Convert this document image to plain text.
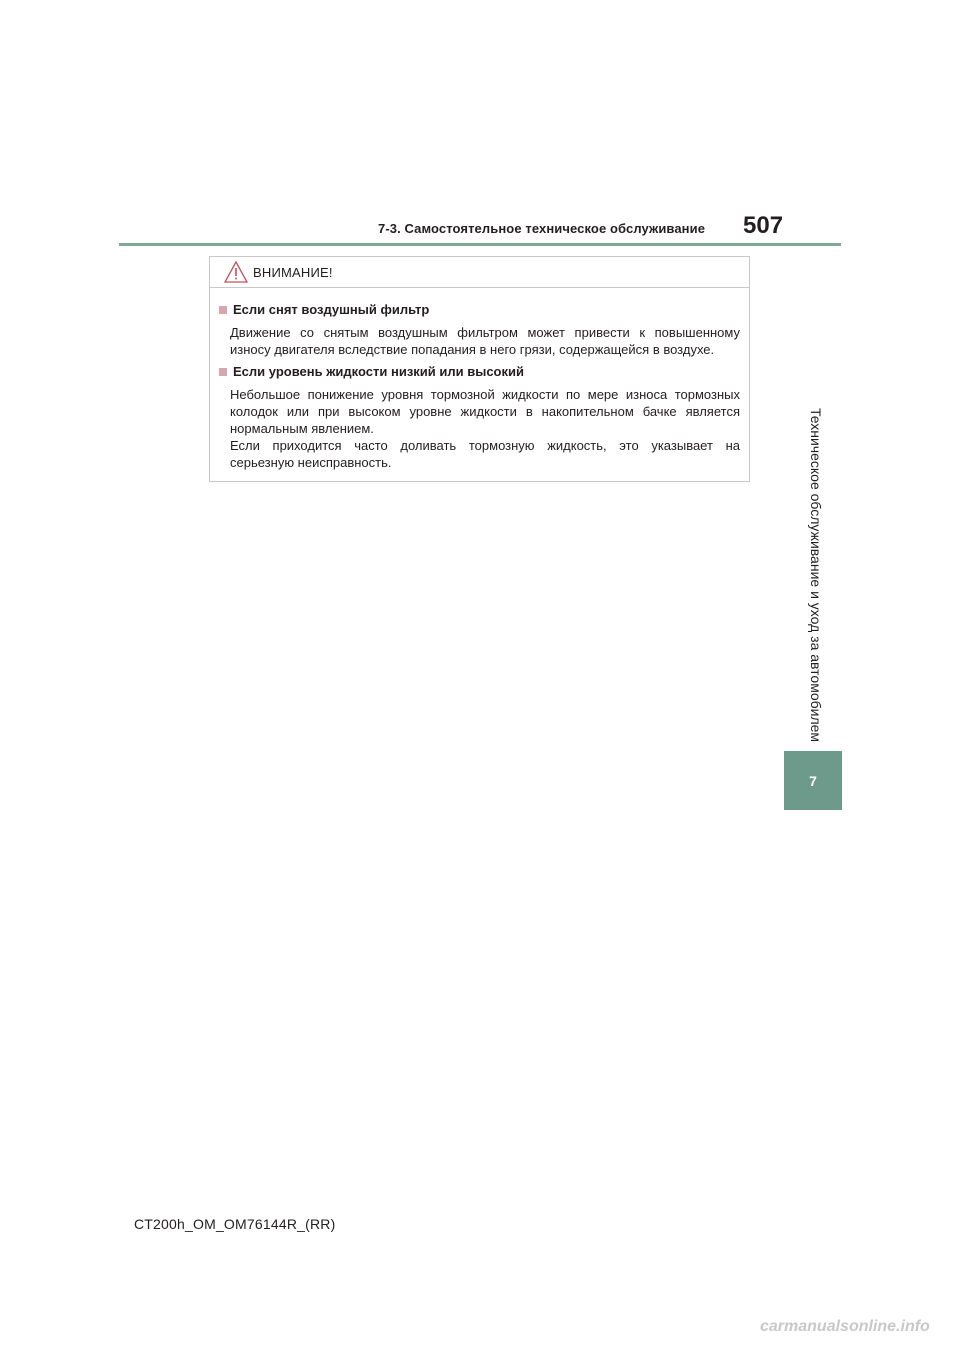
7-3. Самостоятельное техническое обслуживание 507
Техническое обслуживание и уход за автомобилем
7
ВНИМАНИЕ!
Если снят воздушный фильтр
Движение со снятым воздушным фильтром может привести к повышенному
износу двигателя вследствие попадания в него грязи, содержащейся в воздухе.
Если уровень жидкости низкий или высокий
Небольшое понижение уровня тормозной жидкости по мере износа тормозных
колодок или при высоком уровне жидкости в накопительном бачке является
нормальным явлением.
Если приходится часто доливать тормозную жидкость, это указывает на
серьезную неисправность.
CT200h_OM_OM76144R_(RR)
carmanualsonline.info
